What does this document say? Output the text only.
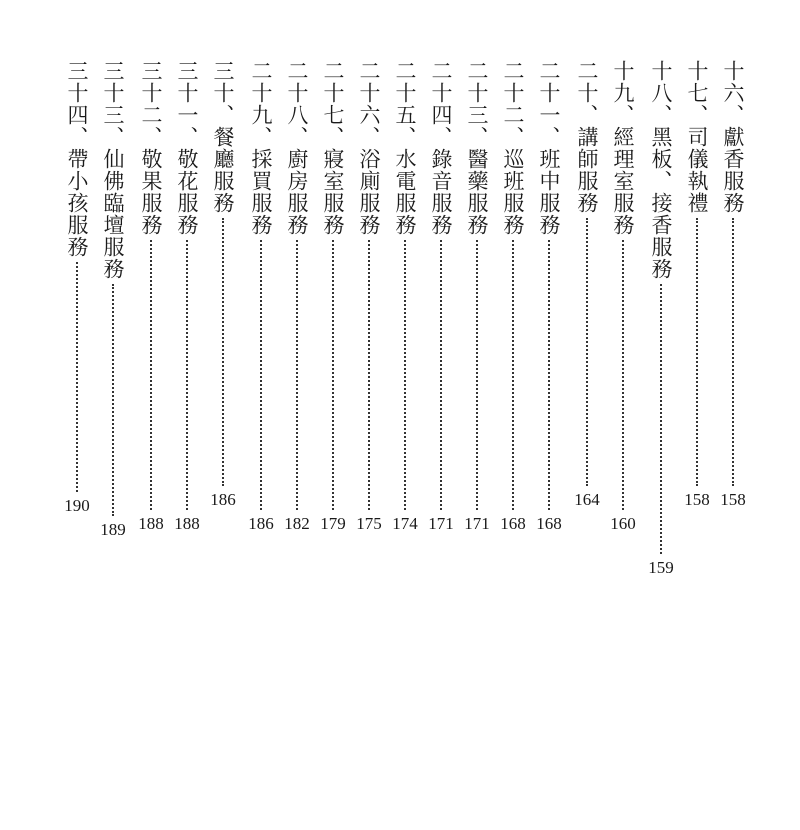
十六、獻香服務
158
十七、司儀執禮
158
十八、黑板、接香服務
159
十九、經理室服務
160
二十、講師服務
164
二十一、班中服務
168
二十二、巡班服務
168
二十三、醫藥服務
171
二十四、錄音服務
171
二十五、水電服務
174
二十六、浴廁服務
175
二十七、寢室服務
179
二十八、廚房服務
182
二十九、採買服務
186
三十、餐廳服務
186
三十一、敬花服務
188
三十二、敬果服務
188
三十三、仙佛臨壇服務
189
三十四、帶小孩服務
190
